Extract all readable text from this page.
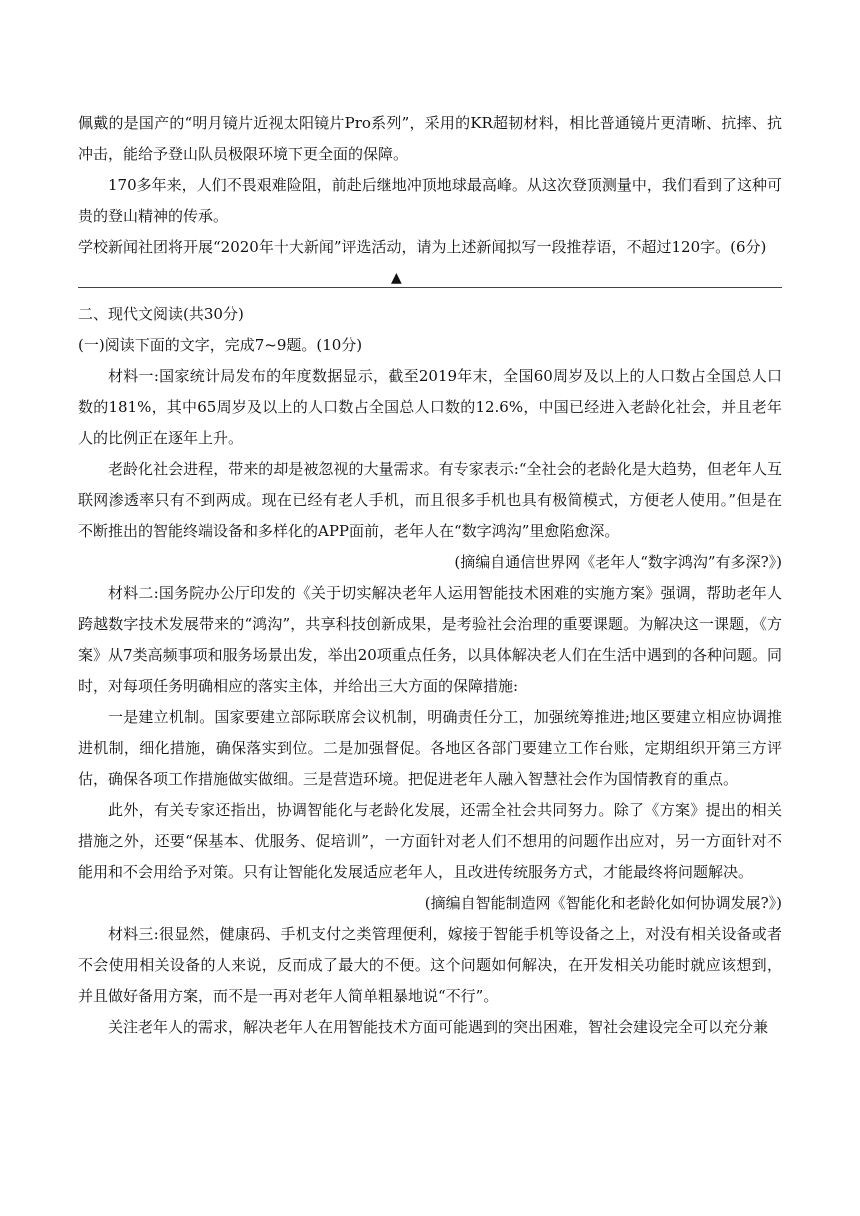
佩戴的是国产的“明月镜片近视太阳镜片Pro系列”，采用的KR超韧材料，相比普通镜片更清晰、抗摔、抗冲击，能给予登山队员极限环境下更全面的保障。

170多年来，人们不畏艰难险阻，前赴后继地冲顶地球最高峰。从这次登顶测量中，我们看到了这种可贵的登山精神的传承。

学校新闻社团将开展“2020年十大新闻”评选活动，请为上述新闻拟写一段推荐语，不超过120字。(6分)

▲

二、现代文阅读(共30分)

(一)阅读下面的文字，完成7~9题。(10分)

材料一:国家统计局发布的年度数据显示，截至2019年末，全国60周岁及以上的人口数占全国总人口数的181%，其中65周岁及以上的人口数占全国总人口数的12.6%，中国已经进入老龄化社会，并且老年人的比例正在逐年上升。

老龄化社会进程，带来的却是被忽视的大量需求。有专家表示:“全社会的老龄化是大趋势，但老年人互联网渗透率只有不到两成。现在已经有老人手机，而且很多手机也具有极简模式，方便老人使用。”但是在不断推出的智能终端设备和多样化的APP面前，老年人在“数字鸿沟”里愈陷愈深。

(摘编自通信世界网《老年人“数字鸿沟”有多深?》)

材料二:国务院办公厅印发的《关于切实解决老年人运用智能技术困难的实施方案》强调，帮助老年人跨越数字技术发展带来的“鸿沟”，共享科技创新成果，是考验社会治理的重要课题。为解决这一课题，《方案》从7类高频事项和服务场景出发，举出20项重点任务，以具体解决老人们在生活中遇到的各种问题。同时，对每项任务明确相应的落实主体，并给出三大方面的保障措施:

一是建立机制。国家要建立部际联席会议机制，明确责任分工，加强统筹推进;地区要建立相应协调推进机制，细化措施，确保落实到位。二是加强督促。各地区各部门要建立工作台账，定期组织开第三方评估，确保各项工作措施做实做细。三是营造环境。把促进老年人融入智慧社会作为国情教育的重点。

此外，有关专家还指出，协调智能化与老龄化发展，还需全社会共同努力。除了《方案》提出的相关措施之外，还要“保基本、优服务、促培训”，一方面针对老人们不想用的问题作出应对，另一方面针对不能用和不会用给予对策。只有让智能化发展适应老年人，且改进传统服务方式，才能最终将问题解决。

(摘编自智能制造网《智能化和老龄化如何协调发展?》)

材料三:很显然，健康码、手机支付之类管理便利，嫁接于智能手机等设备之上，对没有相关设备或者不会使用相关设备的人来说，反而成了最大的不便。这个问题如何解决，在开发相关功能时就应该想到，并且做好备用方案，而不是一再对老年人简单粗暴地说“不行”。

关注老年人的需求，解决老年人在用智能技术方面可能遇到的突出困难，智社会建设完全可以充分兼
